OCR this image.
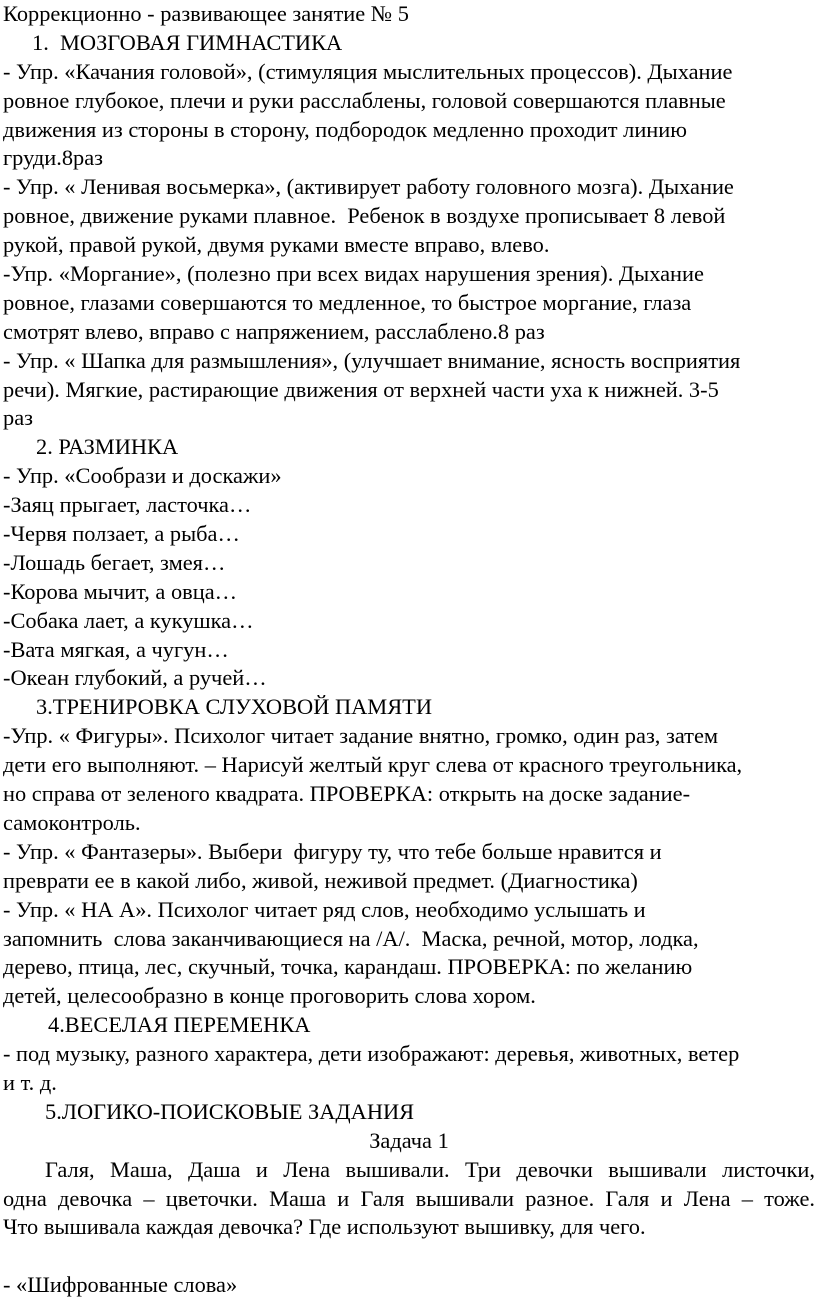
Коррекционно - развивающее занятие № 5
1.  МОЗГОВАЯ ГИМНАСТИКА
- Упр. «Качания головой», (стимуляция мыслительных процессов). Дыхание
ровное глубокое, плечи и руки расслаблены, головой совершаются плавные
движения из стороны в сторону, подбородок медленно проходит линию
груди.8раз
- Упр. « Ленивая восьмерка», (активирует работу головного мозга). Дыхание
ровное, движение руками плавное.  Ребенок в воздухе прописывает 8 левой
рукой, правой рукой, двумя руками вместе вправо, влево.
-Упр. «Моргание», (полезно при всех видах нарушения зрения). Дыхание
ровное, глазами совершаются то медленное, то быстрое моргание, глаза
смотрят влево, вправо с напряжением, расслаблено.8 раз
- Упр. « Шапка для размышления», (улучшает внимание, ясность восприятия
речи). Мягкие, растирающие движения от верхней части уха к нижней. 3-5
раз
2. РАЗМИНКА
- Упр. «Сообрази и доскажи»
-Заяц прыгает, ласточка…
-Червя ползает, а рыба…
-Лошадь бегает, змея…
-Корова мычит, а овца…
-Собака лает, а кукушка…
-Вата мягкая, а чугун…
-Океан глубокий, а ручей…
3.ТРЕНИРОВКА СЛУХОВОЙ ПАМЯТИ
-Упр. « Фигуры». Психолог читает задание внятно, громко, один раз, затем
дети его выполняют. – Нарисуй желтый круг слева от красного треугольника,
но справа от зеленого квадрата. ПРОВЕРКА: открыть на доске задание-
самоконтроль.
- Упр. « Фантазеры». Выбери  фигуру ту, что тебе больше нравится и
преврати ее в какой либо, живой, неживой предмет. (Диагностика)
- Упр. « НА А». Психолог читает ряд слов, необходимо услышать и
запомнить  слова заканчивающиеся на /А/.  Маска, речной, мотор, лодка,
дерево, птица, лес, скучный, точка, карандаш. ПРОВЕРКА: по желанию
детей, целесообразно в конце проговорить слова хором.
4.ВЕСЕЛАЯ ПЕРЕМЕНКА
- под музыку, разного характера, дети изображают: деревья, животных, ветер
и т. д.
5.ЛОГИКО-ПОИСКОВЫЕ ЗАДАНИЯ
Задача 1
Галя, Маша, Даша и Лена вышивали. Три девочки вышивали листочки,
одна девочка – цветочки. Маша и Галя вышивали разное. Галя и Лена – тоже.
Что вышивала каждая девочка? Где используют вышивку, для чего.
- «Шифрованные слова»
